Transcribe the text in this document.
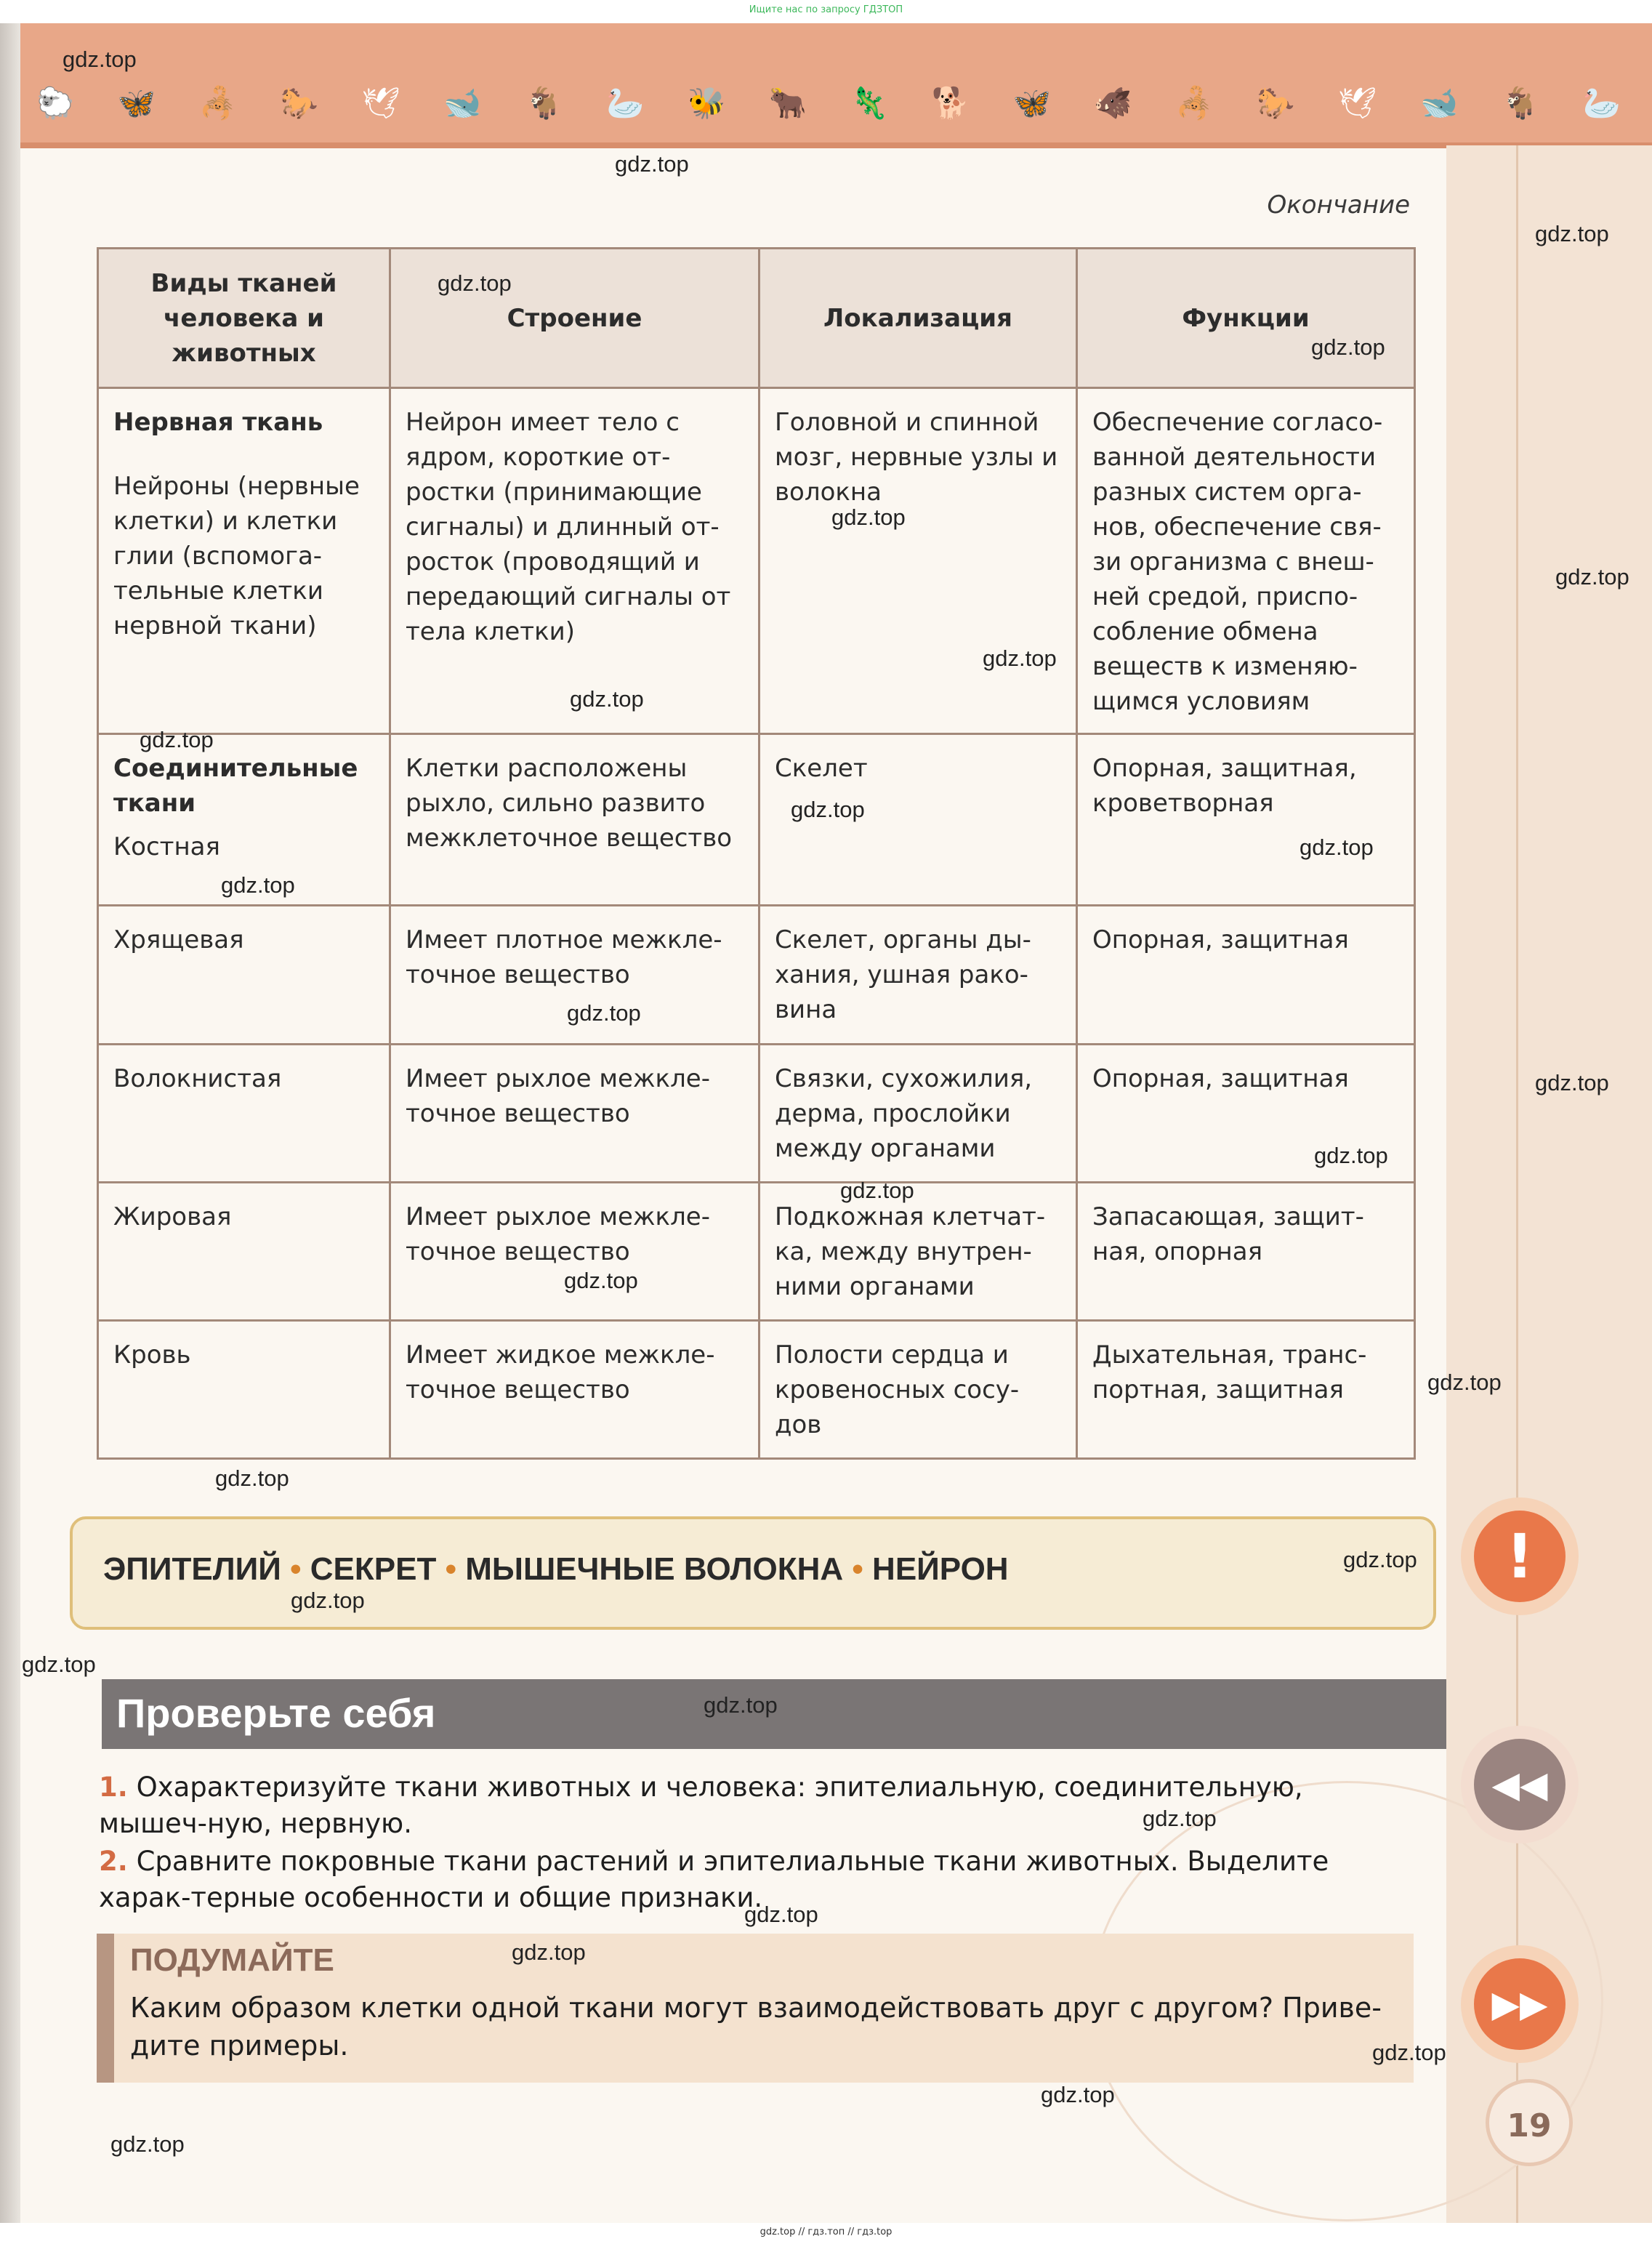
Ищите нас по запросу ГДЗТОП
🐑 🦋 🦂 🐎 🕊 🐋 🐐 🦢 🐝 🐂 🦎 🐕 🦋 🐗 🦂 🐎 🕊 🐋 🐐 🦢
Окончание
Виды тканей человека и животных	Строение	Локализация	Функции

Нервная ткань
Нейроны (нервные клетки) и клетки глии (вспомога-тельные клетки нервной ткани)	Нейрон имеет тело с ядром, короткие от-ростки (принимающие сигналы) и длинный от-росток (проводящий и передающий сигналы от тела клетки)	Головной и спинной мозг, нервные узлы и волокна	Обеспечение согласо-ванной деятельности разных систем орга-нов, обеспечение свя-зи организма с внеш-ней средой, приспо-собление обмена веществ к изменяю-щимся условиям

Соединительные ткани
Костная	Клетки расположены рыхло, сильно развито межклеточное вещество	Скелет	Опорная, защитная, кроветворная
Хрящевая	Имеет плотное межкле-точное вещество	Скелет, органы ды-хания, ушная рако-вина	Опорная, защитная
Волокнистая	Имеет рыхлое межкле-точное вещество	Связки, сухожилия, дерма, прослойки между органами	Опорная, защитная
Жировая	Имеет рыхлое межкле-точное вещество	Подкожная клетчат-ка, между внутрен-ними органами	Запасающая, защит-ная, опорная
Кровь	Имеет жидкое межкле-точное вещество	Полости сердца и кровеносных сосу-дов	Дыхательная, транс-портная, защитная
ЭПИТЕЛИЙ • СЕКРЕТ • МЫШЕЧНЫЕ ВОЛОКНА • НЕЙРОН
Проверьте себя
1. Охарактеризуйте ткани животных и человека: эпителиальную, соединительную, мышеч-ную, нервную.
2. Сравните покровные ткани растений и эпителиальные ткани животных. Выделите харак-терные особенности и общие признаки.
ПОДУМАЙТЕ
Каким образом клетки одной ткани могут взаимодействовать друг с другом? Приве-дите примеры.
!
◀◀
▶▶
19
gdz.top
gdz.top
gdz.top
gdz.top
gdz.top
gdz.top
gdz.top
gdz.top
gdz.top
gdz.top
gdz.top
gdz.top
gdz.top
gdz.top
gdz.top
gdz.top
gdz.top
gdz.top
gdz.top
gdz.top
gdz.top
gdz.top
gdz.top
gdz.top
gdz.top
gdz.top
gdz.top
gdz.top
gdz.top
gdz.top
gdz.top // гдз.топ // гдз.top
